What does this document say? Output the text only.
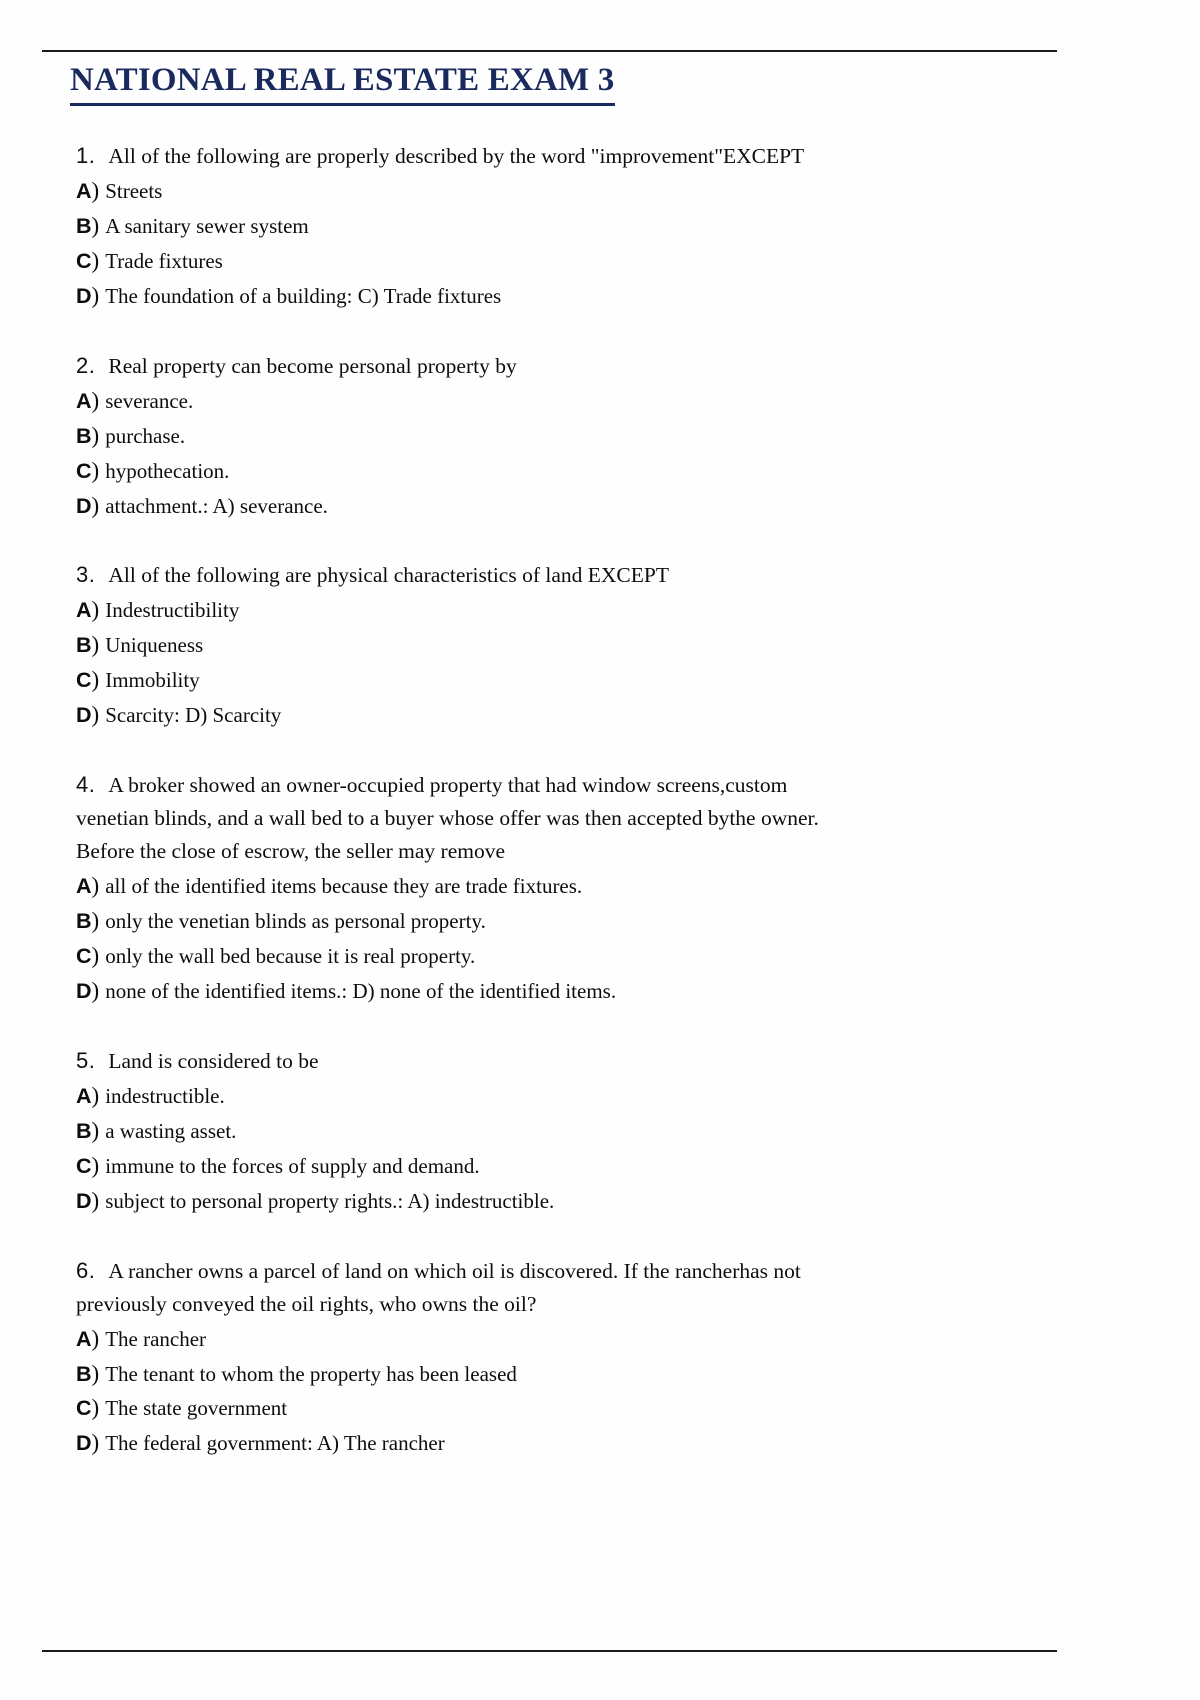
NATIONAL REAL ESTATE EXAM 3

1. All of the following are properly described by the word "improvement"EXCEPT

A) Streets
B) A sanitary sewer system
C) Trade fixtures
D) The foundation of a building: C) Trade fixtures

2. Real property can become personal property by

A) severance.
B) purchase.
C) hypothecation.
D) attachment.: A) severance.

3. All of the following are physical characteristics of land EXCEPT

A) Indestructibility
B) Uniqueness
C) Immobility
D) Scarcity: D) Scarcity

4. A broker showed an owner-occupied property that had window screens,custom

venetian blinds, and a wall bed to a buyer whose offer was then accepted bythe owner.

Before the close of escrow, the seller may remove

A) all of the identified items because they are trade fixtures.
B) only the venetian blinds as personal property.
C) only the wall bed because it is real property.
D) none of the identified items.: D) none of the identified items.

5. Land is considered to be

A) indestructible.
B) a wasting asset.
C) immune to the forces of supply and demand.
D) subject to personal property rights.: A) indestructible.

6. A rancher owns a parcel of land on which oil is discovered. If the rancherhas not

previously conveyed the oil rights, who owns the oil?

A) The rancher
B) The tenant to whom the property has been leased
C) The state government
D) The federal government: A) The rancher
